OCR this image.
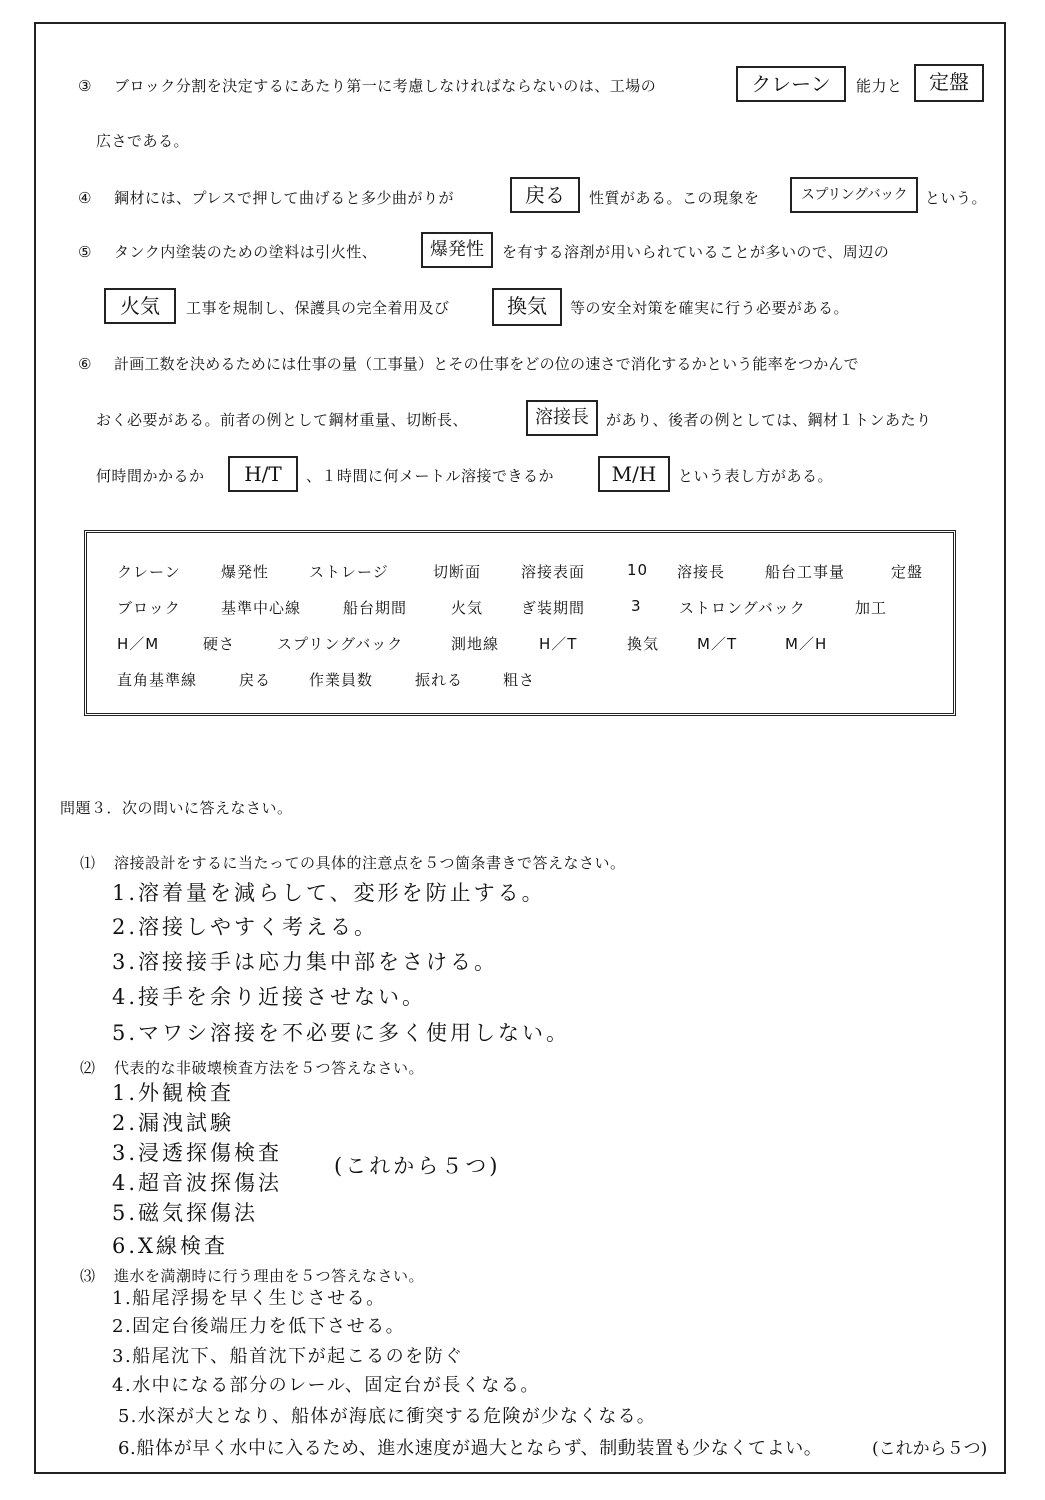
③ ブロック分割を決定するにあたり第一に考慮しなければならないのは、工場の	クレーン	能力と	定盤
広さである。
④ 鋼材には、プレスで押して曲げると多少曲がりが	戻る	性質がある。この現象を	スプリングバック	という。
⑤ タンク内塗装のための塗料は引火性、	爆発性	を有する溶剤が用いられていることが多いので、周辺の
火気	工事を規制し、保護具の完全着用及び	換気	等の安全対策を確実に行う必要がある。
⑥ 計画工数を決めるためには仕事の量（工事量）とその仕事をどの位の速さで消化するかという能率をつかんで
おく必要がある。前者の例として鋼材重量、切断長、	溶接長	があり、後者の例としては、鋼材１トンあたり
何時間かかるか	H/T	、１時間に何メートル溶接できるか	M/H	という表し方がある。
クレーン	爆発性	ストレージ	切断面	溶接表面	10 溶接長	船台工事量	定盤
ブロック	基準中心線	船台期間	火気	ぎ装期間	3 ストロングバック	加工
H／M	硬さ	スプリングバック	測地線	H／T	換気	M／T	M／H
直角基準線	戻る	作業員数	振れる	粗さ
問題３．次の問いに答えなさい。
⑴ 溶接設計をするに当たっての具体的注意点を５つ箇条書きで答えなさい。
1.溶着量を減らして、変形を防止する。
2.溶接しやすく考える。
3.溶接接手は応力集中部をさける。
4.接手を余り近接させない。
5.マワシ溶接を不必要に多く使用しない。
⑵ 代表的な非破壊検査方法を５つ答えなさい。
1.外観検査
2.漏洩試験
3.浸透探傷検査
4.超音波探傷法
5.磁気探傷法
6.X線検査
(これから５つ)
⑶ 進水を満潮時に行う理由を５つ答えなさい。
1.船尾浮揚を早く生じさせる。
2.固定台後端圧力を低下させる。
3.船尾沈下、船首沈下が起こるのを防ぐ
4.水中になる部分のレール、固定台が長くなる。
5.水深が大となり、船体が海底に衝突する危険が少なくなる。
6.船体が早く水中に入るため、進水速度が過大とならず、制動装置も少なくてよい。	(これから５つ)
